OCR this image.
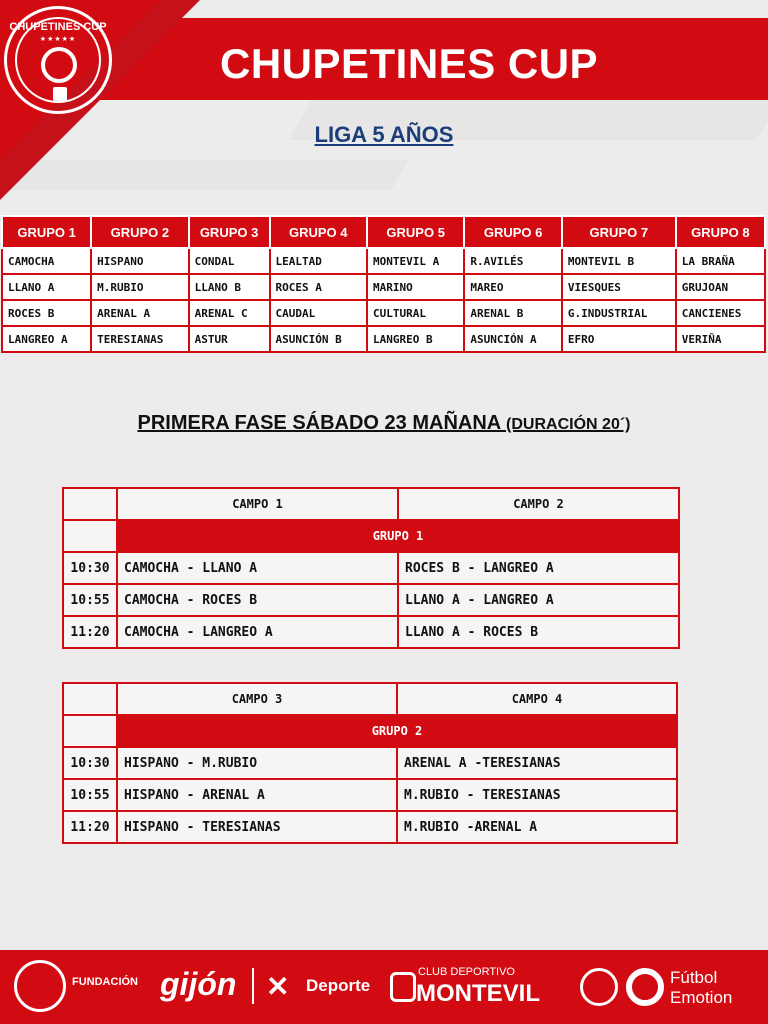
CHUPETINES CUP
★★★★★
CHUPETINES CUP
LIGA 5 AÑOS
GRUPO 1	GRUPO 2	GRUPO 3	GRUPO 4	GRUPO 5	GRUPO 6	GRUPO 7	GRUPO 8
CAMOCHA	HISPANO	CONDAL	LEALTAD	MONTEVIL A	R.AVILÉS	MONTEVIL B	LA BRAÑA
LLANO A	M.RUBIO	LLANO B	ROCES A	MARINO	MAREO	VIESQUES	GRUJOAN
ROCES B	ARENAL A	ARENAL C	CAUDAL	CULTURAL	ARENAL B	G.INDUSTRIAL	CANCIENES
LANGREO A	TERESIANAS	ASTUR	ASUNCIÓN B	LANGREO B	ASUNCIÓN A	EFRO	VERIÑA
PRIMERA FASE SÁBADO 23 MAÑANA (DURACIÓN 20´)
	CAMPO 1	CAMPO 2
	GRUPO 1	
10:30	CAMOCHA - LLANO A	ROCES B - LANGREO A
10:55	CAMOCHA - ROCES B	LLANO A - LANGREO A
11:20	CAMOCHA - LANGREO A	LLANO A - ROCES B
	CAMPO 3	CAMPO 4
	GRUPO 2	
10:30	HISPANO - M.RUBIO	ARENAL A -TERESIANAS
10:55	HISPANO - ARENAL A	M.RUBIO - TERESIANAS
11:20	HISPANO - TERESIANAS	M.RUBIO -ARENAL A
FUNDACIÓN gijón ✕ Deporte
CLUB DEPORTIVO
MONTEVIL
Fútbol
Emotion
